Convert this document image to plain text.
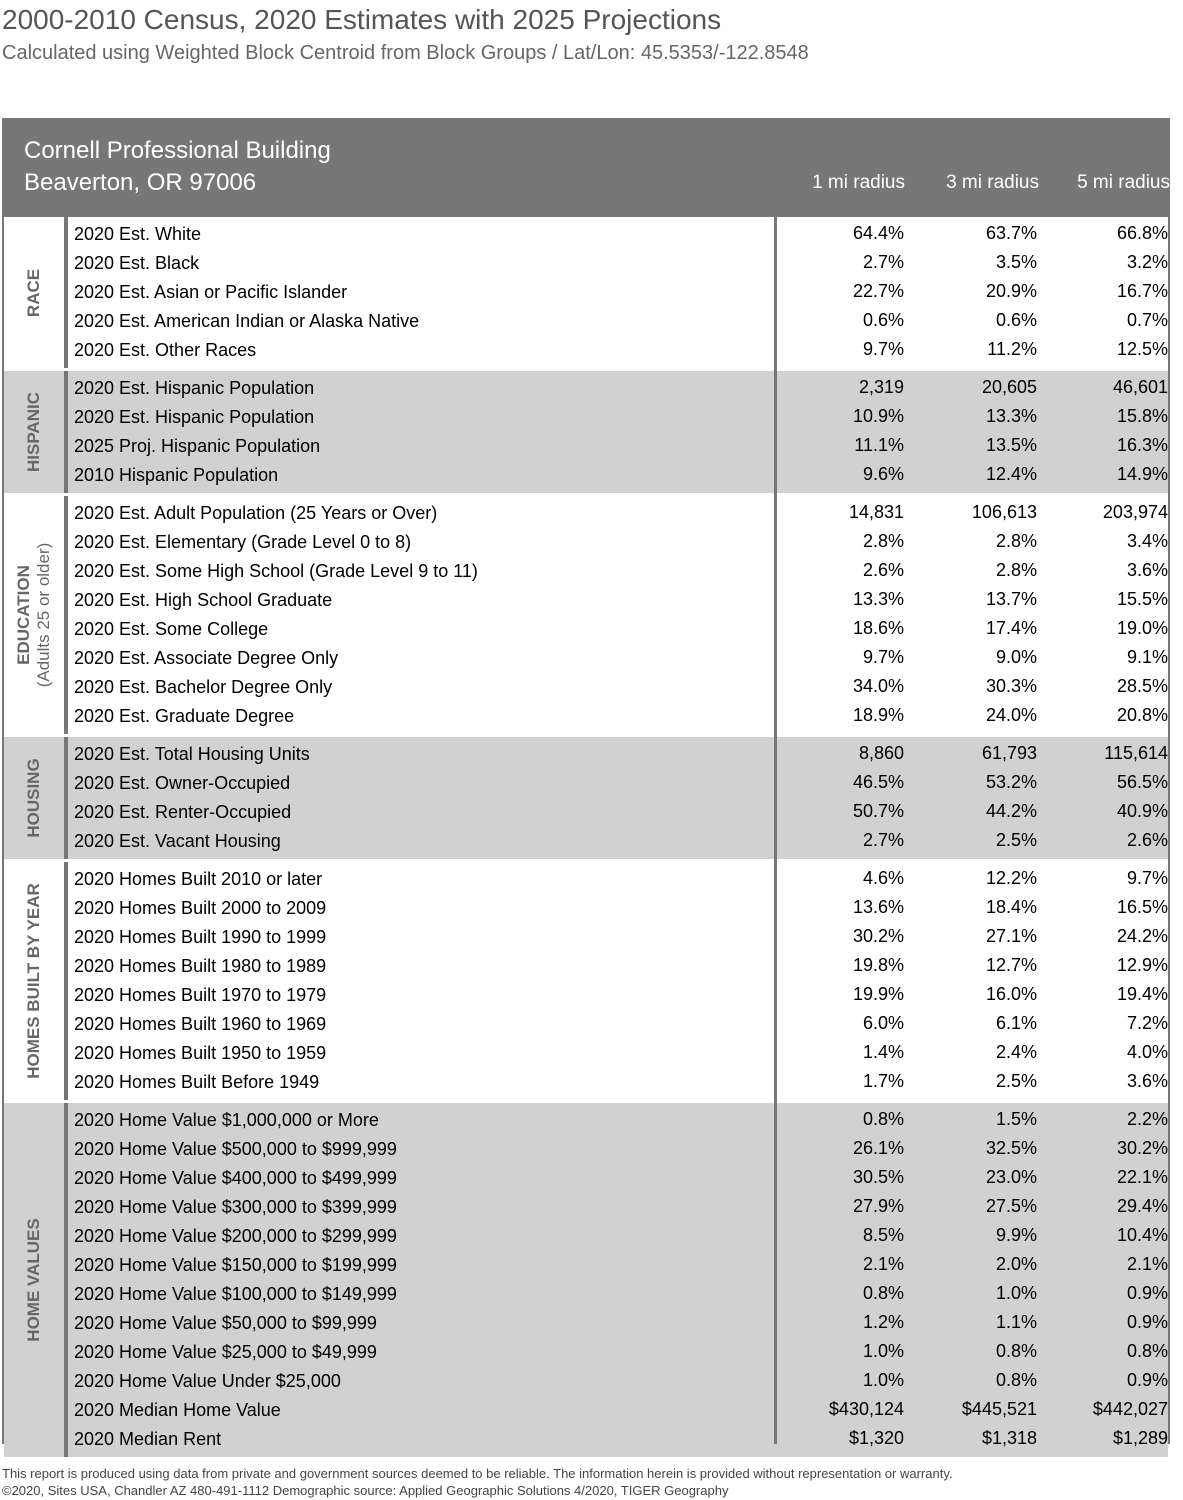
2000-2010 Census, 2020 Estimates with 2025 Projections
Calculated using Weighted Block Centroid from Block Groups / Lat/Lon: 45.5353/-122.8548
Cornell Professional Building
Beaverton, OR 97006	1 mi radius 3 mi radius 5 mi radius
RACE
2020 Est. White	64.4%	63.7%	66.8%
2020 Est. Black	2.7%	3.5%	3.2%
2020 Est. Asian or Pacific Islander	22.7%	20.9%	16.7%
2020 Est. American Indian or Alaska Native	0.6%	0.6%	0.7%
2020 Est. Other Races	9.7%	11.2%	12.5%
HISPANIC
2020 Est. Hispanic Population	2,319	20,605	46,601
2020 Est. Hispanic Population	10.9%	13.3%	15.8%
2025 Proj. Hispanic Population	11.1%	13.5%	16.3%
2010 Hispanic Population	9.6%	12.4%	14.9%
EDUCATION (Adults 25 or older)
2020 Est. Adult Population (25 Years or Over)	14,831	106,613	203,974
2020 Est. Elementary (Grade Level 0 to 8)	2.8%	2.8%	3.4%
2020 Est. Some High School (Grade Level 9 to 11)	2.6%	2.8%	3.6%
2020 Est. High School Graduate	13.3%	13.7%	15.5%
2020 Est. Some College	18.6%	17.4%	19.0%
2020 Est. Associate Degree Only	9.7%	9.0%	9.1%
2020 Est. Bachelor Degree Only	34.0%	30.3%	28.5%
2020 Est. Graduate Degree	18.9%	24.0%	20.8%
HOUSING
2020 Est. Total Housing Units	8,860	61,793	115,614
2020 Est. Owner-Occupied	46.5%	53.2%	56.5%
2020 Est. Renter-Occupied	50.7%	44.2%	40.9%
2020 Est. Vacant Housing	2.7%	2.5%	2.6%
HOMES BUILT BY YEAR
2020 Homes Built 2010 or later	4.6%	12.2%	9.7%
2020 Homes Built 2000 to 2009	13.6%	18.4%	16.5%
2020 Homes Built 1990 to 1999	30.2%	27.1%	24.2%
2020 Homes Built 1980 to 1989	19.8%	12.7%	12.9%
2020 Homes Built 1970 to 1979	19.9%	16.0%	19.4%
2020 Homes Built 1960 to 1969	6.0%	6.1%	7.2%
2020 Homes Built 1950 to 1959	1.4%	2.4%	4.0%
2020 Homes Built Before 1949	1.7%	2.5%	3.6%
HOME VALUES
2020 Home Value $1,000,000 or More	0.8%	1.5%	2.2%
2020 Home Value $500,000 to $999,999	26.1%	32.5%	30.2%
2020 Home Value $400,000 to $499,999	30.5%	23.0%	22.1%
2020 Home Value $300,000 to $399,999	27.9%	27.5%	29.4%
2020 Home Value $200,000 to $299,999	8.5%	9.9%	10.4%
2020 Home Value $150,000 to $199,999	2.1%	2.0%	2.1%
2020 Home Value $100,000 to $149,999	0.8%	1.0%	0.9%
2020 Home Value $50,000 to $99,999	1.2%	1.1%	0.9%
2020 Home Value $25,000 to $49,999	1.0%	0.8%	0.8%
2020 Home Value Under $25,000	1.0%	0.8%	0.9%
2020 Median Home Value	$430,124	$445,521	$442,027
2020 Median Rent	$1,320	$1,318	$1,289
This report is produced using data from private and government sources deemed to be reliable. The information herein is provided without representation or warranty.
©2020, Sites USA, Chandler AZ 480-491-1112 Demographic source: Applied Geographic Solutions 4/2020, TIGER Geography
